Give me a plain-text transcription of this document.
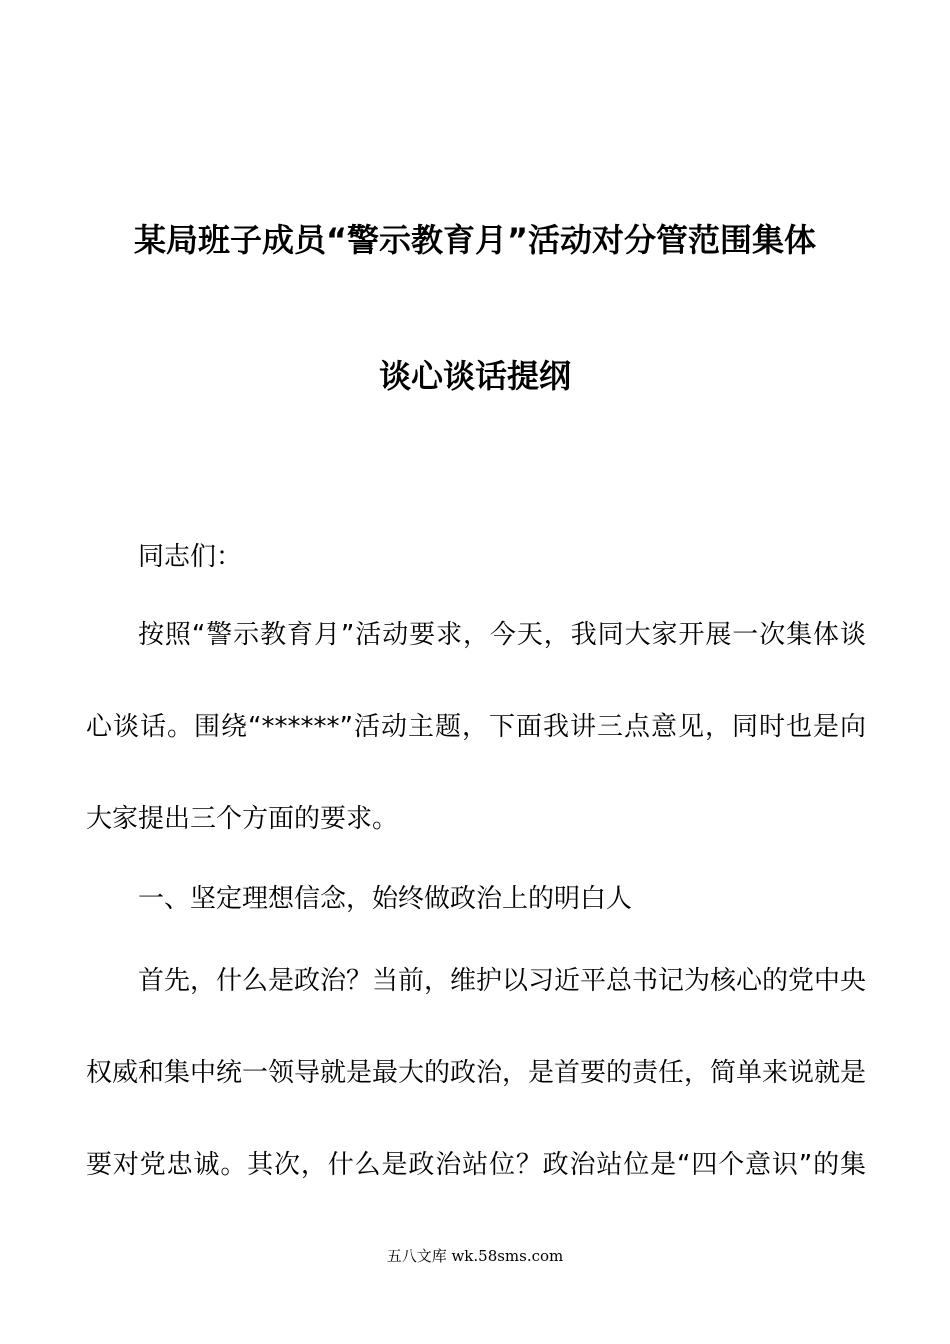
某局班子成员“警示教育月”活动对分管范围集体
谈心谈话提纲
同志们：
按照“警示教育月”活动要求，今天，我同大家开展一次集体谈
心谈话。围绕“******”活动主题，下面我讲三点意见，同时也是向
大家提出三个方面的要求。
一、坚定理想信念，始终做政治上的明白人
首先，什么是政治？当前，维护以习近平总书记为核心的党中央
权威和集中统一领导就是最大的政治，是首要的责任，简单来说就是
要对党忠诚。其次，什么是政治站位？政治站位是“四个意识”的集
五八文库 wk.58sms.com
